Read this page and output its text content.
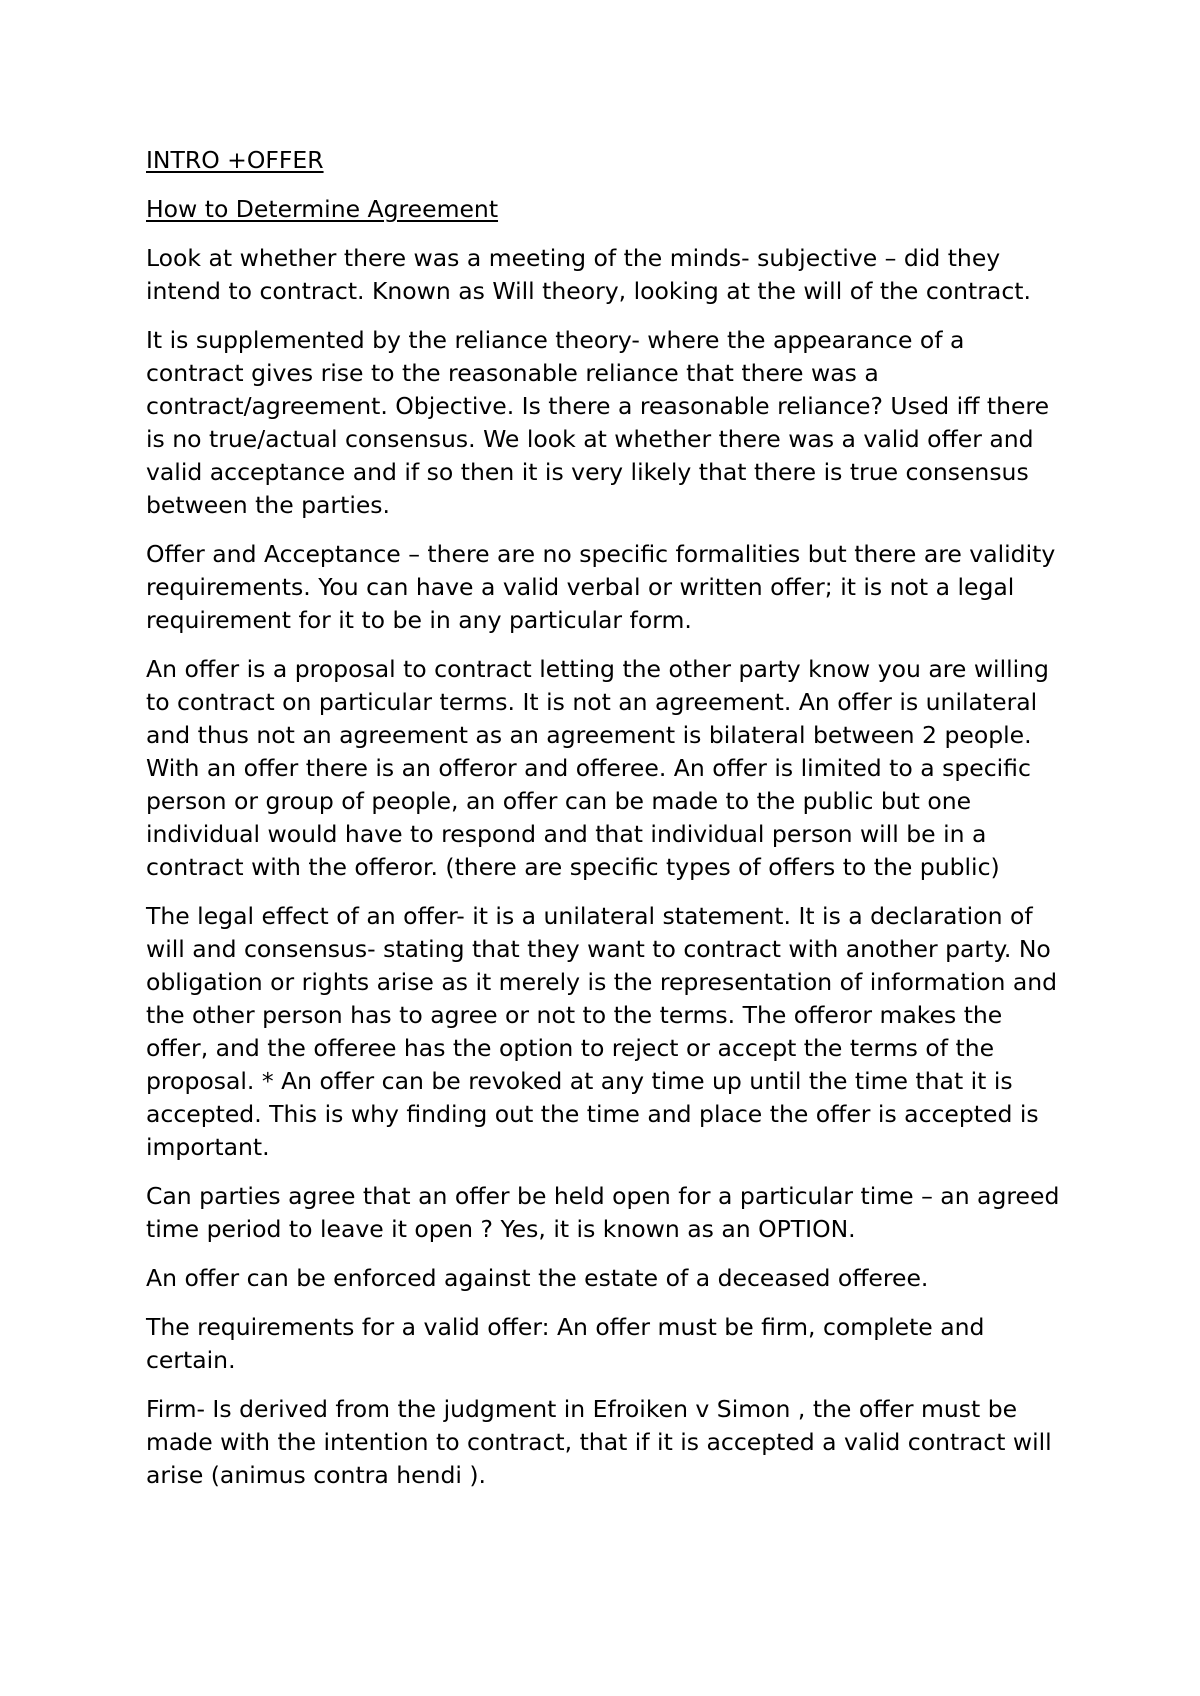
INTRO +OFFER
How to Determine Agreement

Look at whether there was a meeting of the minds- subjective – did they intend to contract. Known as Will theory, looking at the will of the contract.

It is supplemented by the reliance theory- where the appearance of a contract gives rise to the reasonable reliance that there was a contract/agreement. Objective. Is there a reasonable reliance? Used iff there is no true/actual consensus. We look at whether there was a valid offer and valid acceptance and if so then it is very likely that there is true consensus between the parties.

Offer and Acceptance – there are no specific formalities but there are validity requirements. You can have a valid verbal or written offer; it is not a legal requirement for it to be in any particular form.

An offer is a proposal to contract letting the other party know you are willing to contract on particular terms. It is not an agreement. An offer is unilateral and thus not an agreement as an agreement is bilateral between 2 people. With an offer there is an offeror and offeree. An offer is limited to a specific person or group of people, an offer can be made to the public but one individual would have to respond and that individual person will be in a contract with the offeror. (there are specific types of offers to the public)

The legal effect of an offer- it is a unilateral statement. It is a declaration of will and consensus- stating that they want to contract with another party. No obligation or rights arise as it merely is the representation of information and the other person has to agree or not to the terms. The offeror makes the offer, and the offeree has the option to reject or accept the terms of the proposal. * An offer can be revoked at any time up until the time that it is accepted. This is why finding out the time and place the offer is accepted is important.

Can parties agree that an offer be held open for a particular time – an agreed time period to leave it open ? Yes, it is known as an OPTION.

An offer can be enforced against the estate of a deceased offeree.

The requirements for a valid offer: An offer must be firm, complete and certain.

Firm- Is derived from the judgment in Efroiken v Simon , the offer must be made with the intention to contract, that if it is accepted a valid contract will arise (animus contra hendi ).
